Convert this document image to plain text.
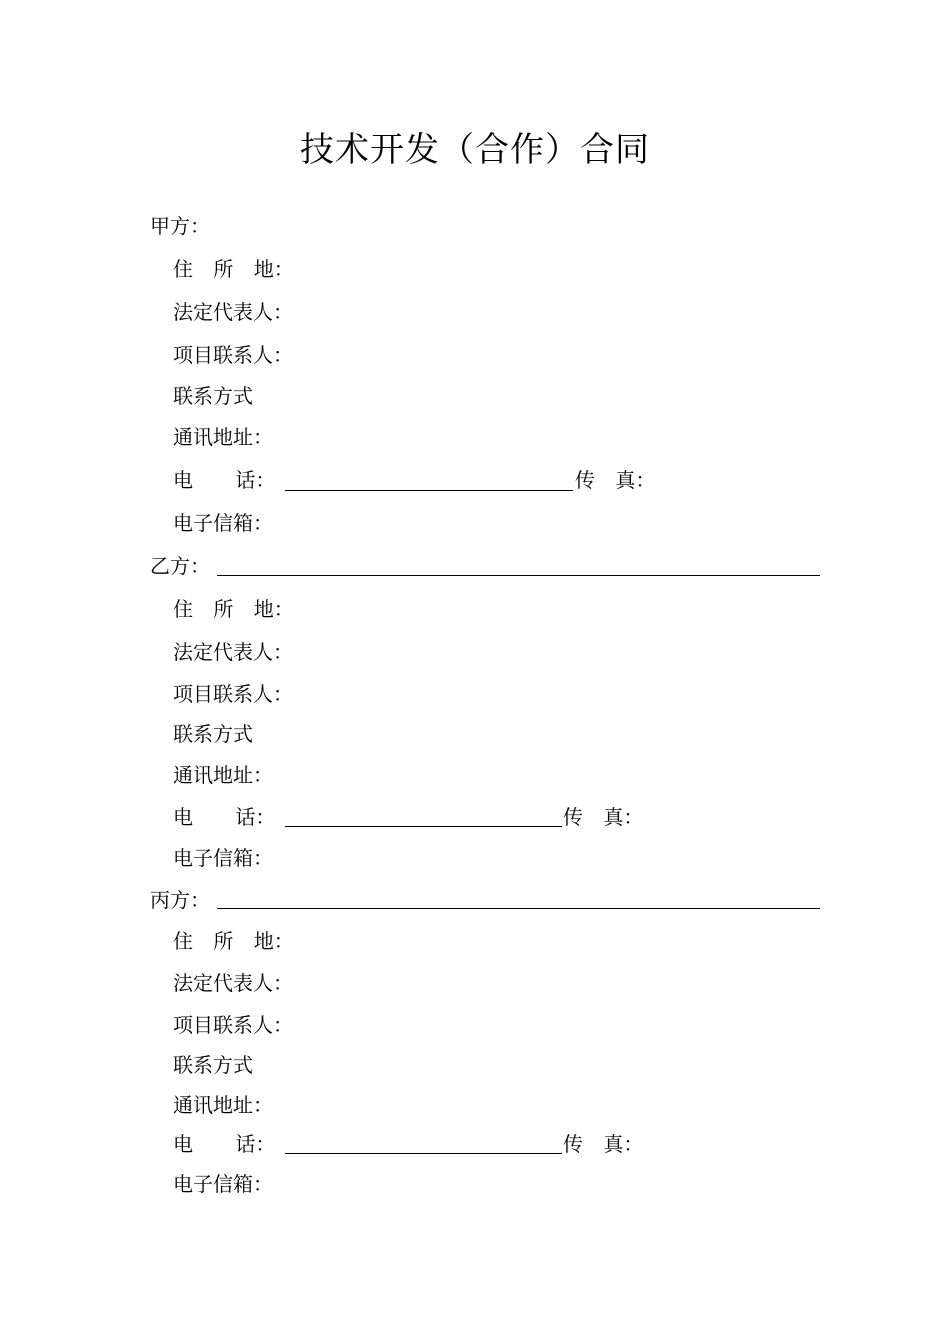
技术开发（合作）合同
甲方：
住 所 地：
法定代表人：
项目联系人：
联系方式
通讯地址：
电 话：	传 真：
电子信箱：
乙方：
住 所 地：
法定代表人：
项目联系人：
联系方式
通讯地址：
电 话：	传 真：
电子信箱：
丙方：
住 所 地：
法定代表人：
项目联系人：
联系方式
通讯地址：
电 话：	传 真：
电子信箱：
